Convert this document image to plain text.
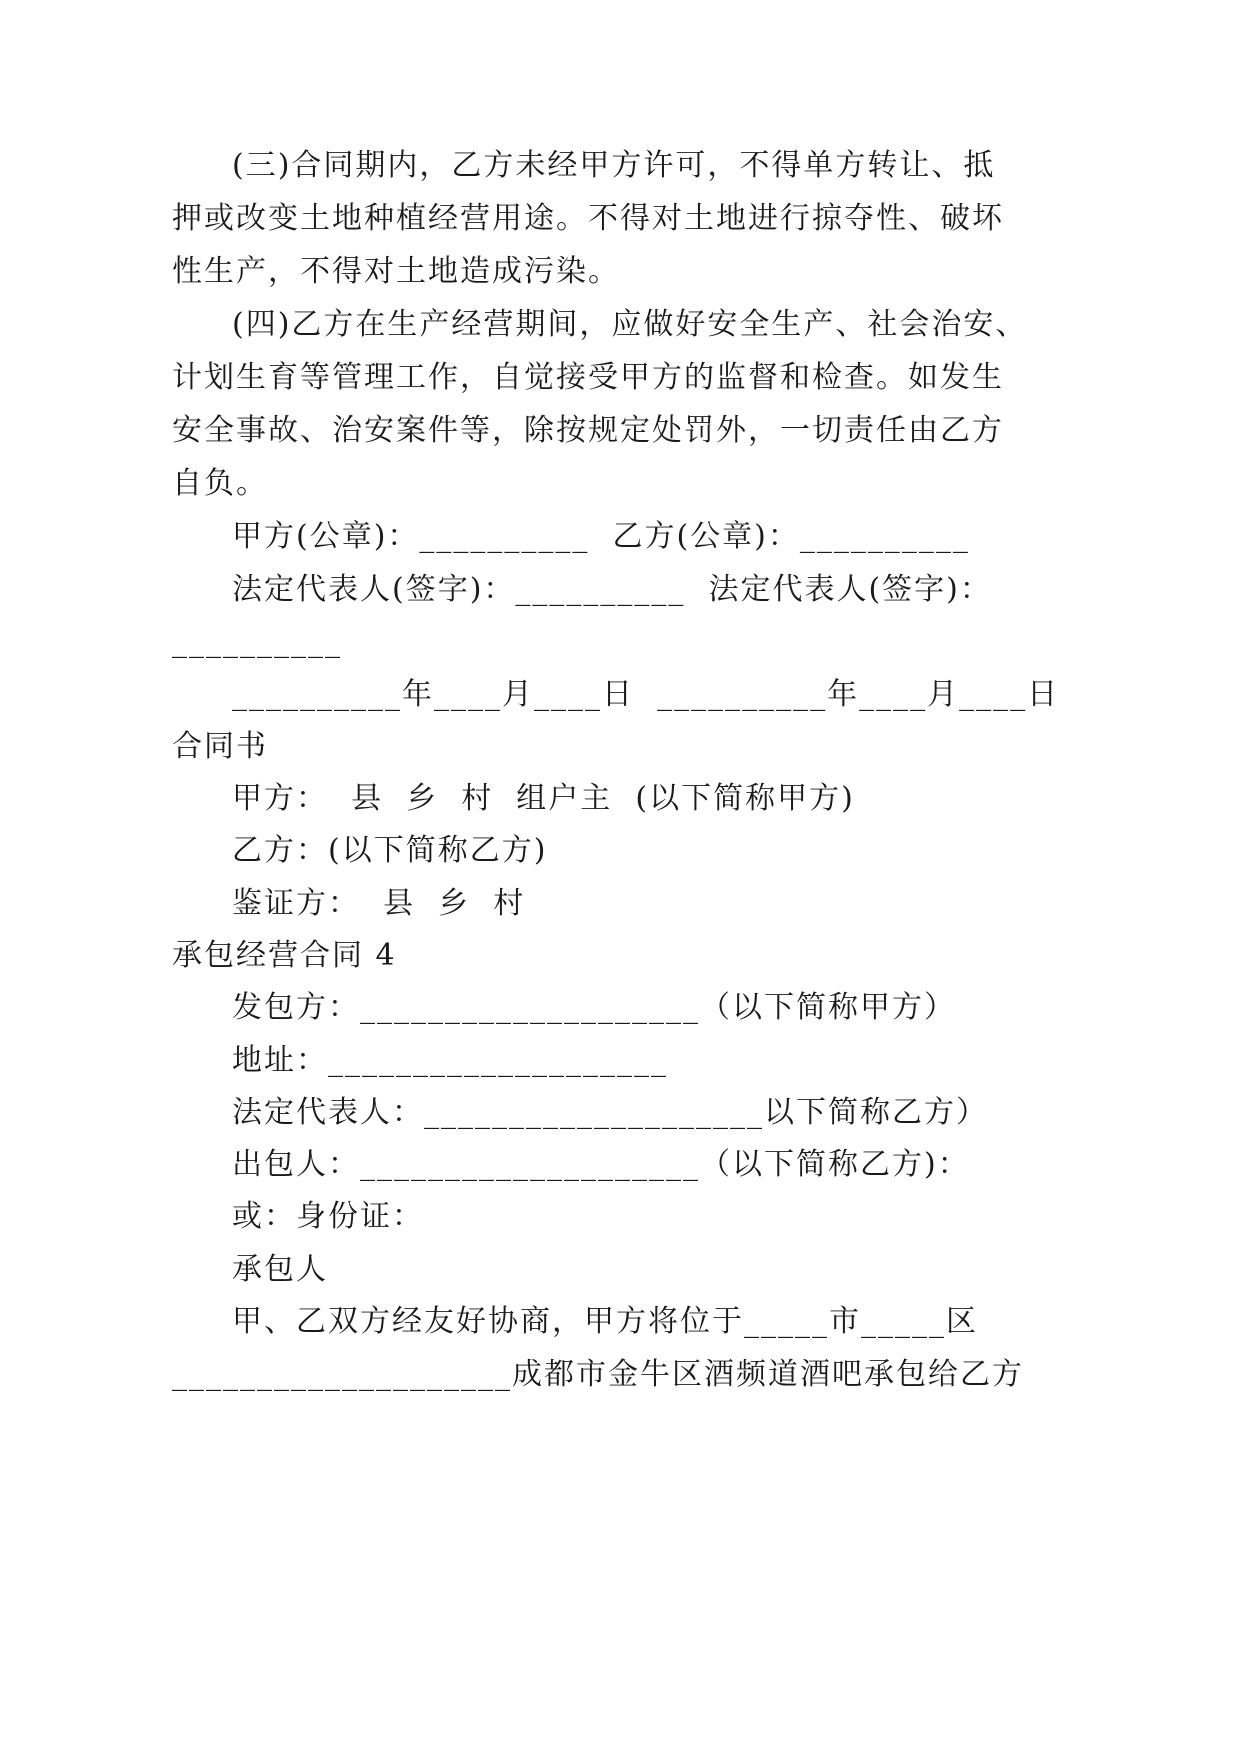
(三)合同期内，乙方未经甲方许可，不得单方转让、抵
押或改变土地种植经营用途。不得对土地进行掠夺性、破坏
性生产，不得对土地造成污染。
(四)乙方在生产经营期间，应做好安全生产、社会治安、
计划生育等管理工作，自觉接受甲方的监督和检查。如发生
安全事故、治安案件等，除按规定处罚外，一切责任由乙方
自负。
甲方(公章)：__________  乙方(公章)：__________
法定代表人(签字)：__________  法定代表人(签字)：
__________
__________年____月____日  __________年____月____日
合同书
甲方：  县  乡  村  组户主  (以下简称甲方)
乙方：(以下简称乙方)
鉴证方：  县  乡  村
承包经营合同 4
发包方：____________________（以下简称甲方）
地址：____________________
法定代表人：____________________以下简称乙方）
出包人：____________________（以下简称乙方)：
或：身份证：
承包人
甲、乙双方经友好协商，甲方将位于_____市_____区
____________________成都市金牛区酒频道酒吧承包给乙方
